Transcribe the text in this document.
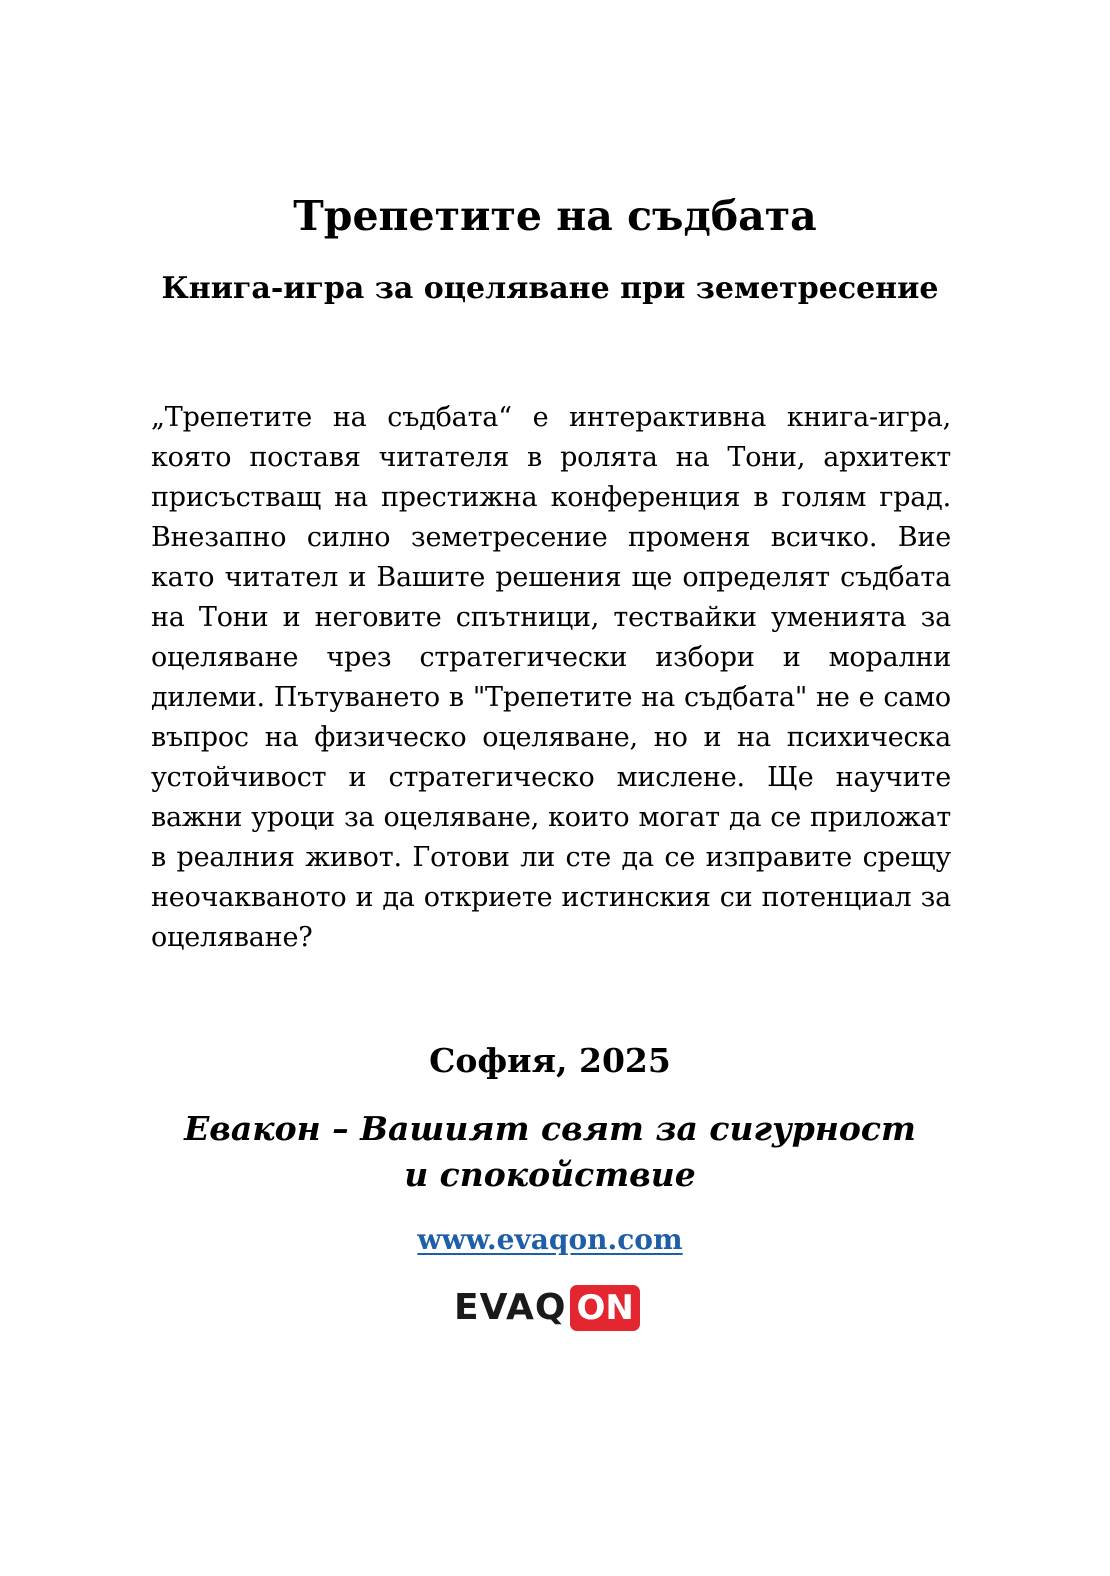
Трепетите на съдбата
Книга-игра за оцеляване при земетресение

„Трепетите на съдбата“ е интерактивна книга-игра, която поставя читателя в ролята на Тони, архитект присъстващ на престижна конференция в голям град. Внезапно силно земетресение променя всичко. Вие като читател и Вашите решения ще определят съдбата на Тони и неговите спътници, тествайки уменията за оцеляване чрез стратегически избори и морални дилеми. Пътуването в "Трепетите на съдбата" не е само въпрос на физическо оцеляване, но и на психическа устойчивост и стратегическо мислене. Ще научите важни уроци за оцеляване, които могат да се приложат в реалния живот. Готови ли сте да се изправите срещу неочакваното и да откриете истинския си потенциал за оцеляване?

София, 2025
Евакон – Вашият свят за сигурност и спокойствие
www.evaqon.com
EVAQ ON
